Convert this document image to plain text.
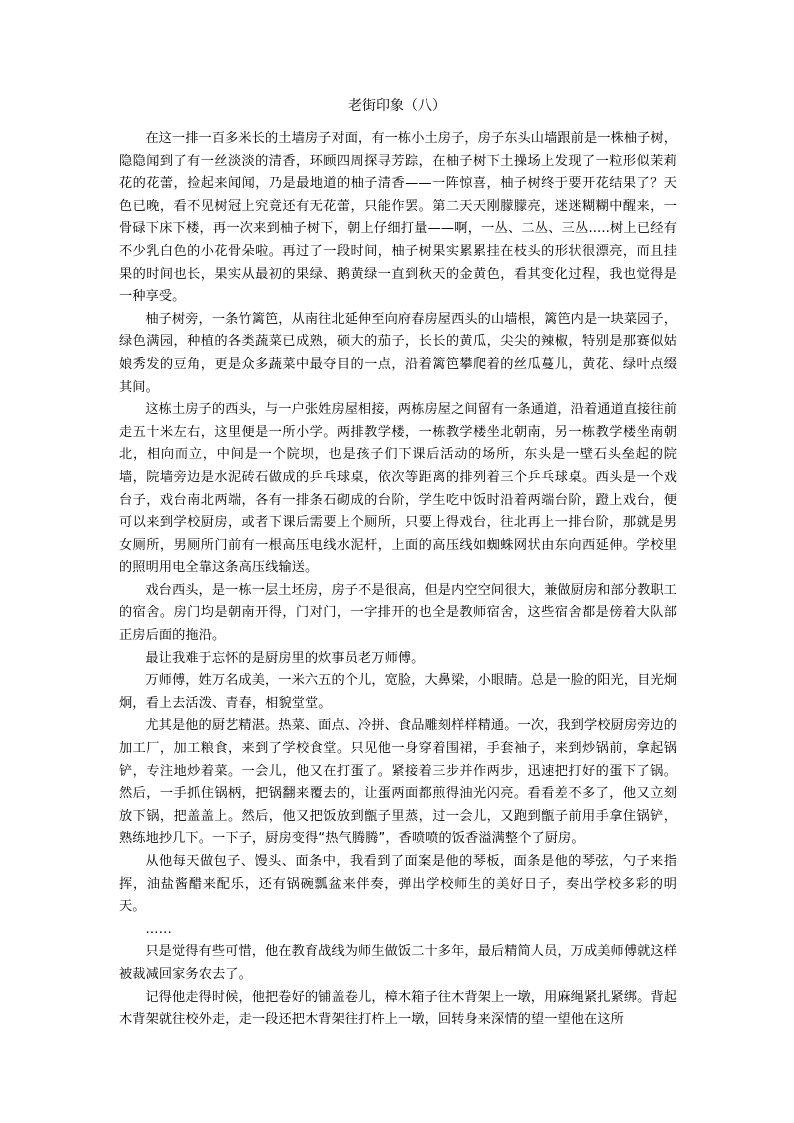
老街印象（八）

在这一排一百多米长的土墙房子对面，有一栋小土房子，房子东头山墙跟前是一株柚子树，隐隐闻到了有一丝淡淡的清香，环顾四周探寻芳踪，在柚子树下土操场上发现了一粒形似茉莉花的花蕾，捡起来闻闻，乃是最地道的柚子清香——一阵惊喜，柚子树终于要开花结果了？天色已晚，看不见树冠上究竟还有无花蕾，只能作罢。第二天天刚朦朦亮，迷迷糊糊中醒来，一骨碌下床下楼，再一次来到柚子树下，朝上仔细打量——啊，一丛、二丛、三丛.....树上已经有不少乳白色的小花骨朵啦。再过了一段时间，柚子树果实累累挂在枝头的形状很漂亮，而且挂果的时间也长，果实从最初的果绿、鹅黄绿一直到秋天的金黄色，看其变化过程，我也觉得是一种享受。

柚子树旁，一条竹篱笆，从南往北延伸至向府春房屋西头的山墙根，篱笆内是一块菜园子，绿色满园，种植的各类蔬菜已成熟，硕大的茄子，长长的黄瓜，尖尖的辣椒，特别是那赛似姑娘秀发的豆角，更是众多蔬菜中最夺目的一点，沿着篱笆攀爬着的丝瓜蔓儿，黄花、绿叶点缀其间。

这栋土房子的西头，与一户张姓房屋相接，两栋房屋之间留有一条通道，沿着通道直接往前走五十米左右，这里便是一所小学。两排教学楼，一栋教学楼坐北朝南，另一栋教学楼坐南朝北，相向而立，中间是一个院坝，也是孩子们下课后活动的场所，东头是一壁石头垒起的院墙，院墙旁边是水泥砖石做成的乒乓球桌，依次等距离的排列着三个乒乓球桌。西头是一个戏台子，戏台南北两端，各有一排条石砌成的台阶，学生吃中饭时沿着两端台阶，蹬上戏台，便可以来到学校厨房，或者下课后需要上个厕所，只要上得戏台，往北再上一排台阶，那就是男女厕所，男厕所门前有一根高压电线水泥杆，上面的高压线如蜘蛛网状由东向西延伸。学校里的照明用电全靠这条高压线输送。

戏台西头，是一栋一层土坯房，房子不是很高，但是内空空间很大，兼做厨房和部分教职工的宿舍。房门均是朝南开得，门对门，一字排开的也全是教师宿舍，这些宿舍都是傍着大队部正房后面的拖沿。

最让我难于忘怀的是厨房里的炊事员老万师傅。

万师傅，姓万名成美，一米六五的个儿，宽脸，大鼻梁，小眼睛。总是一脸的阳光，目光炯炯，看上去活泼、青春，相貌堂堂。

尤其是他的厨艺精湛。热菜、面点、冷拼、食品雕刻样样精通。一次，我到学校厨房旁边的加工厂，加工粮食，来到了学校食堂。只见他一身穿着围裙，手套袖子，来到炒锅前，拿起锅铲，专注地炒着菜。一会儿，他又在打蛋了。紧接着三步并作两步，迅速把打好的蛋下了锅。然后，一手抓住锅柄，把锅翻来覆去的，让蛋两面都煎得油光闪亮。看看差不多了，他又立刻放下锅，把盖盖上。然后，他又把饭放到甑子里蒸，过一会儿，又跑到甑子前用手拿住锅铲，熟练地抄几下。一下子，厨房变得“热气腾腾”，香喷喷的饭香溢满整个了厨房。

从他每天做包子、馒头、面条中，我看到了面案是他的琴板，面条是他的琴弦，勺子来指挥，油盐酱醋来配乐，还有锅碗瓢盆来伴奏，弹出学校师生的美好日子，奏出学校多彩的明天。

……

只是觉得有些可惜，他在教育战线为师生做饭二十多年，最后精简人员，万成美师傅就这样被裁减回家务农去了。

记得他走得时候，他把卷好的铺盖卷儿，樟木箱子往木背架上一墩，用麻绳紧扎紧绑。背起木背架就往校外走，走一段还把木背架往打杵上一墩，回转身来深情的望一望他在这所
